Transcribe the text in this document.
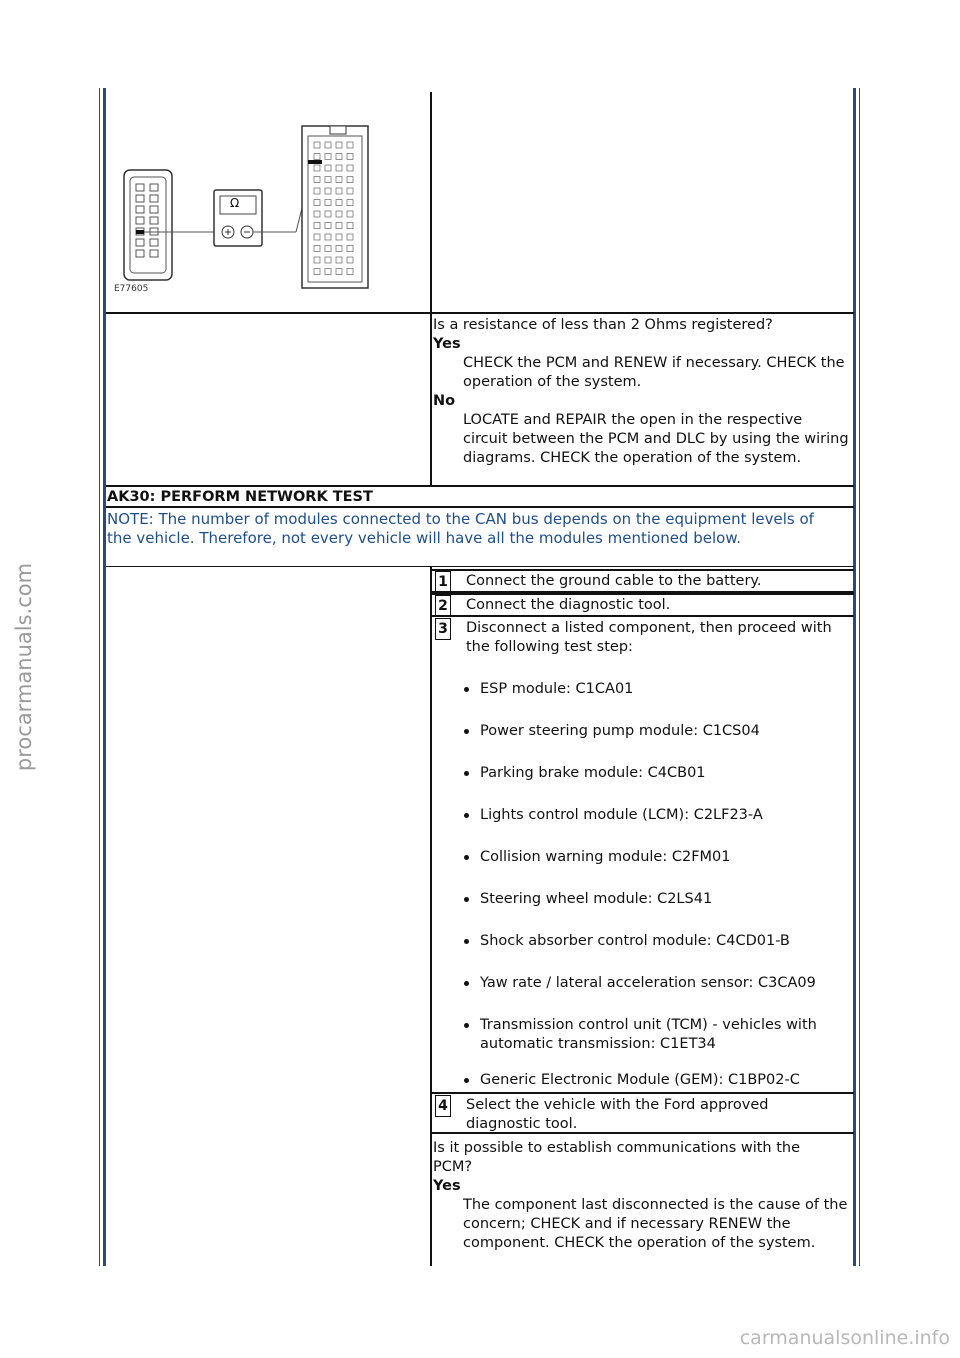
procarmanuals.com
carmanualsonline.info
E77605
Ω
Is a resistance of less than 2 Ohms registered?
Yes
CHECK the PCM and RENEW if necessary. CHECK the operation of the system.
No
LOCATE and REPAIR the open in the respective circuit between the PCM and DLC by using the wiring diagrams. CHECK the operation of the system.
AK30: PERFORM NETWORK TEST
NOTE: The number of modules connected to the CAN bus depends on the equipment levels of the vehicle. Therefore, not every vehicle will have all the modules mentioned below.
1 Connect the ground cable to the battery.
2 Connect the diagnostic tool.
3 Disconnect a listed component, then proceed with the following test step:
ESP module: C1CA01
Power steering pump module: C1CS04
Parking brake module: C4CB01
Lights control module (LCM): C2LF23-A
Collision warning module: C2FM01
Steering wheel module: C2LS41
Shock absorber control module: C4CD01-B
Yaw rate / lateral acceleration sensor: C3CA09
Transmission control unit (TCM) - vehicles with automatic transmission: C1ET34
Generic Electronic Module (GEM): C1BP02-C
4 Select the vehicle with the Ford approved diagnostic tool.
Is it possible to establish communications with the PCM?
Yes
The component last disconnected is the cause of the concern; CHECK and if necessary RENEW the component. CHECK the operation of the system.
